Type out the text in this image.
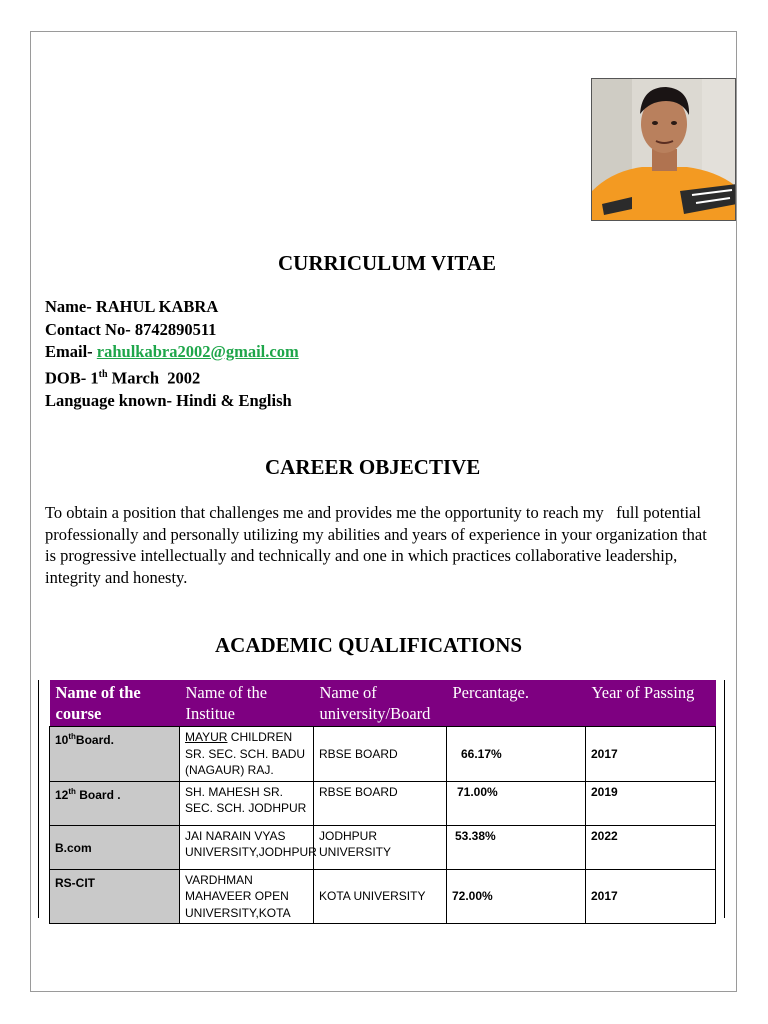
CURRICULUM VITAE
Name- RAHUL KABRA
Contact No- 8742890511
Email- rahulkabra2002@gmail.com
DOB- 1th March  2002
Language known- Hindi & English
CAREER OBJECTIVE
To obtain a position that challenges me and provides me the opportunity to reach my   full potential professionally and personally utilizing my abilities and years of experience in your organization that is progressive intellectually and technically and one in which practices collaborative leadership, integrity and honesty.
ACADEMIC QUALIFICATIONS
Name of the course	Name of the Institue	Name of university/Board	Percantage.	Year of Passing
10thBoard.	MAYUR CHILDREN SR. SEC. SCH. BADU (NAGAUR) RAJ.	RBSE BOARD	66.17%	2017
12th Board .	SH. MAHESH SR. SEC. SCH. JODHPUR	RBSE BOARD	71.00%	2019
B.com	JAI NARAIN VYAS UNIVERSITY,JODHPUR	JODHPUR UNIVERSITY	53.38%	2022
RS-CIT	VARDHMAN MAHAVEER OPEN UNIVERSITY,KOTA	KOTA UNIVERSITY	72.00%	2017
